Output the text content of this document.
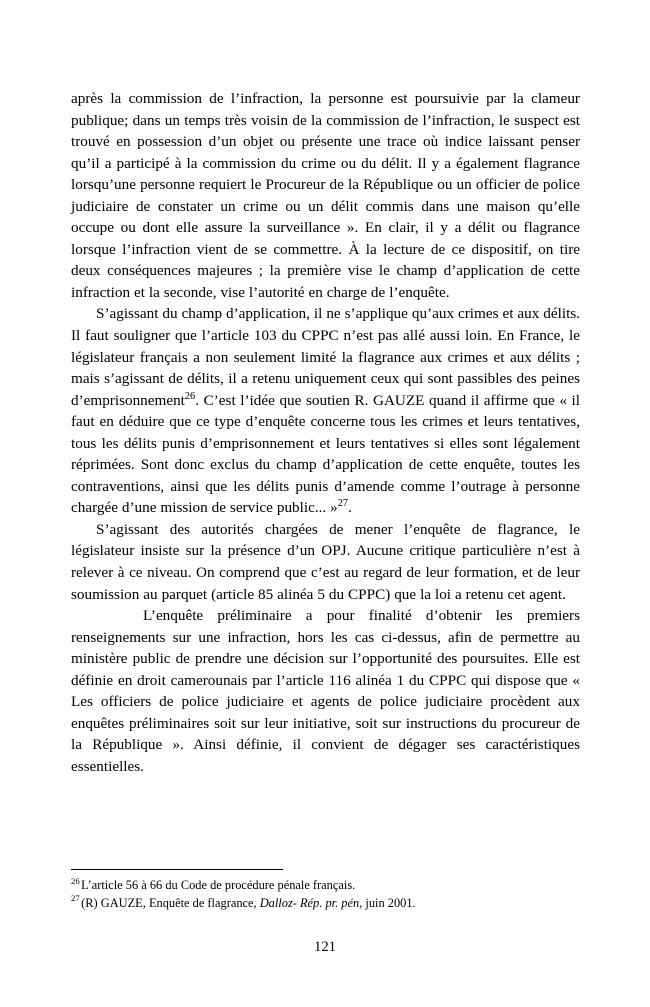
après la commission de l’infraction, la personne est poursuivie par la clameur publique; dans un temps très voisin de la commission de l’infraction, le suspect est trouvé en possession d’un objet ou présente une trace où indice laissant penser qu’il a participé à la commission du crime ou du délit. Il y a également flagrance lorsqu’une personne requiert le Procureur de la République ou un officier de police judiciaire de constater un crime ou un délit commis dans une maison qu’elle occupe ou dont elle assure la surveillance ». En clair, il y a délit ou flagrance lorsque l’infraction vient de se commettre. À la lecture de ce dispositif, on tire deux conséquences majeures ; la première vise le champ d’application de cette infraction et la seconde, vise l’autorité en charge de l’enquête.

S’agissant du champ d’application, il ne s’applique qu’aux crimes et aux délits. Il faut souligner que l’article 103 du CPPC n’est pas allé aussi loin. En France, le législateur français a non seulement limité la flagrance aux crimes et aux délits ; mais s’agissant de délits, il a retenu uniquement ceux qui sont passibles des peines d’emprisonnement$^{26}$. C’est l’idée que soutien R. GAUZE quand il affirme que « il faut en déduire que ce type d’enquête concerne tous les crimes et leurs tentatives, tous les délits punis d’emprisonnement et leurs tentatives si elles sont légalement réprimées. Sont donc exclus du champ d’application de cette enquête, toutes les contraventions, ainsi que les délits punis d’amende comme l’outrage à personne chargée d’une mission de service public... »$^{27}$.

S’agissant des autorités chargées de mener l’enquête de flagrance, le législateur insiste sur la présence d’un OPJ. Aucune critique particulière n’est à relever à ce niveau. On comprend que c’est au regard de leur formation, et de leur soumission au parquet (article 85 alinéa 5 du CPPC) que la loi a retenu cet agent.

L’enquête préliminaire a pour finalité d’obtenir les premiers renseignements sur une infraction, hors les cas ci-dessus, afin de permettre au ministère public de prendre une décision sur l’opportunité des poursuites. Elle est définie en droit camerounais par l’article 116 alinéa 1 du CPPC qui dispose que « Les officiers de police judiciaire et agents de police judiciaire procèdent aux enquêtes préliminaires soit sur leur initiative, soit sur instructions du procureur de la République ». Ainsi définie, il convient de dégager ses caractéristiques essentielles.

$^{26}$ L’article 56 à 66 du Code de procédure pénale français.

$^{27}$ (R) GAUZE, Enquête de flagrance, Dalloz- Rép. pr. pén, juin 2001.

121
